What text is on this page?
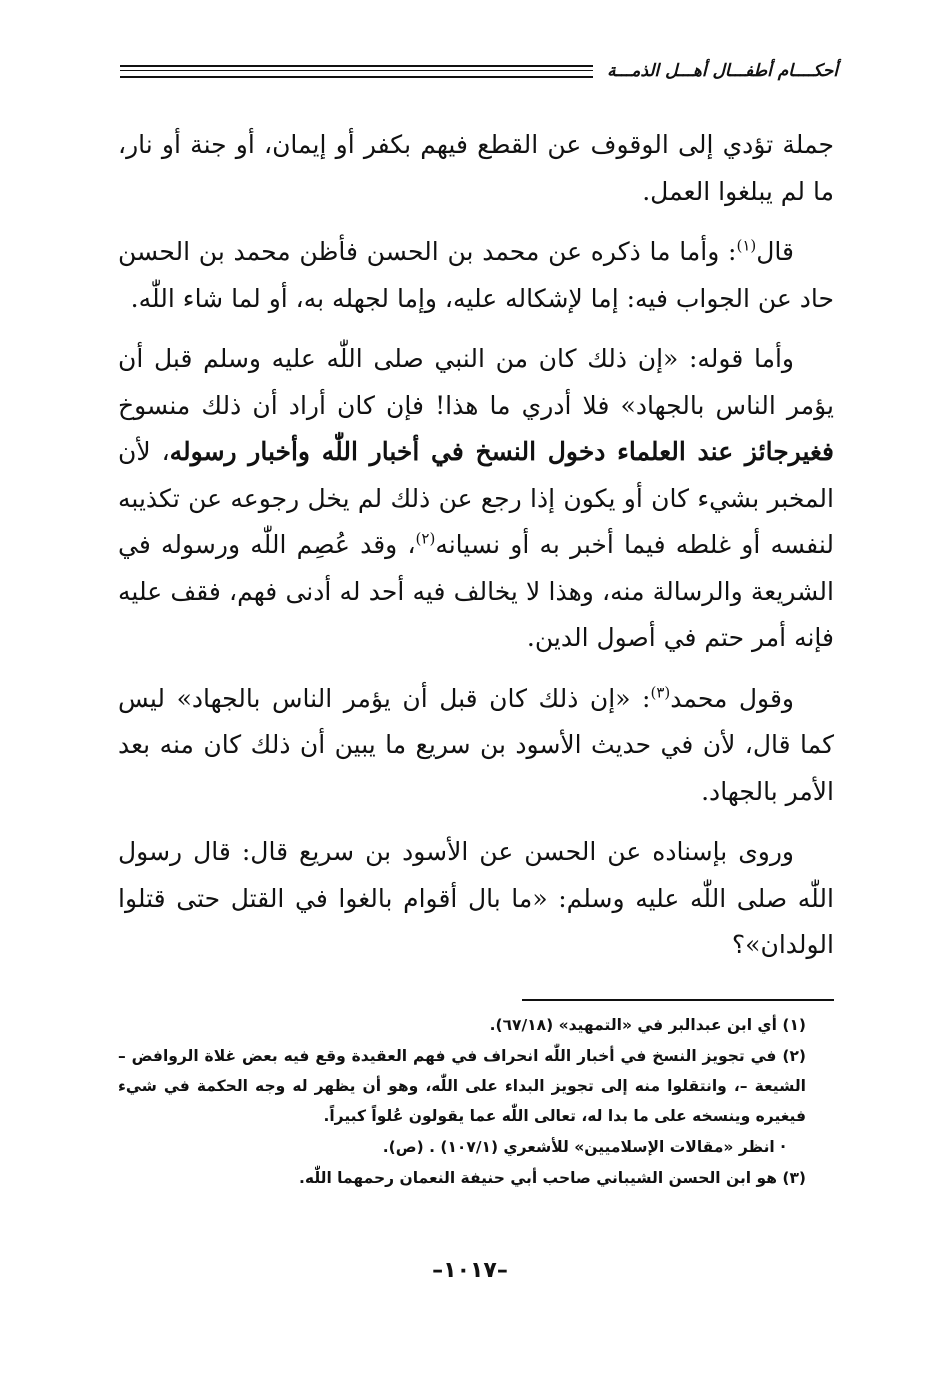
أحكــــام أطفـــال أهـــل الذمـــة

جملة تؤدي إلى الوقوف عن القطع فيهم بكفر أو إيمان، أو جنة أو نار، ما لم يبلغوا العمل.

قال$^{(١)}$: وأما ما ذكره عن محمد بن الحسن فأظن محمد بن الحسن حاد عن الجواب فيه: إما لإشكاله عليه، وإما لجهله به، أو لما شاء اللّٰه.

وأما قوله: «إن ذلك كان من النبي صلى اللّٰه عليه وسلم قبل أن يؤمر الناس بالجهاد» فلا أدري ما هذا! فإن كان أراد أن ذلك منسوخ فغيرجائز عند العلماء دخول النسخ في أخبار اللّٰه وأخبار رسوله، لأن المخبر بشيء كان أو يكون إذا رجع عن ذلك لم يخل رجوعه عن تكذيبه لنفسه أو غلطه فيما أخبر به أو نسيانه$^{(٢)}$، وقد عُصِم اللّٰه ورسوله في الشريعة والرسالة منه، وهذا لا يخالف فيه أحد له أدنى فهم، فقف عليه فإنه أمر حتم في أصول الدين.

وقول محمد$^{(٣)}$: «إن ذلك كان قبل أن يؤمر الناس بالجهاد» ليس كما قال، لأن في حديث الأسود بن سريع ما يبين أن ذلك كان منه بعد الأمر بالجهاد.

وروى بإسناده عن الحسن عن الأسود بن سريع قال: قال رسول اللّٰه صلى اللّٰه عليه وسلم: «ما بال أقوام بالغوا في القتل حتى قتلوا الولدان»؟

(١) أي ابن عبدالبر في «التمهيد» (٦٧/١٨).

(٢) في تجويز النسخ في أخبار اللّٰه انحراف في فهم العقيدة وقع فيه بعض غلاة الروافض – الشيعة –، وانتقلوا منه إلى تجويز البداء على اللّٰه، وهو أن يظهر له وجه الحكمة في شيء فيغيره وينسخه على ما بدا له، تعالى اللّٰه عما يقولون عُلواً كبيراً.

· انظر «مقالات الإسلاميين» للأشعري (١٠٧/١) . (ص).

(٣) هو ابن الحسن الشيباني صاحب أبي حنيفة النعمان رحمهما اللّٰه.

–١٠١٧–
